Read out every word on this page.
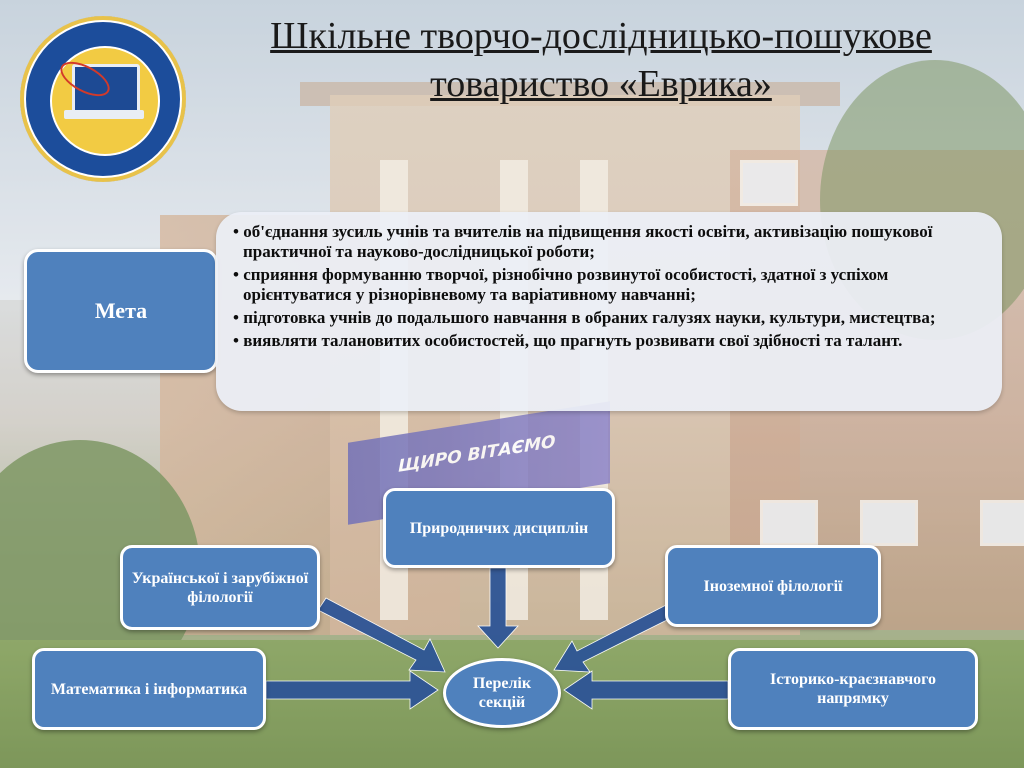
ЩИРО ВІТАЄМО
Шкільне творчо-дослідницько-пошукове
товариство «Еврика»
Мета
• об'єднання зусиль учнів та вчителів на підвищення якості освіти, активізацію пошукової практичної та науково-дослідницької роботи;
• сприяння формуванню творчої, різнобічно розвинутої особистості, здатної з успіхом орієнтуватися у різнорівневому та варіативному навчанні;
• підготовка учнів до подальшого навчання в обраних галузях науки, культури, мистецтва;
• виявляти талановитих особистостей, що прагнуть розвивати свої здібності та талант.
Природничих дисциплін
Української і зарубіжної філології
Іноземної філології
Математика і інформатика
Історико-краєзнавчого напрямку
Перелік
секцій
